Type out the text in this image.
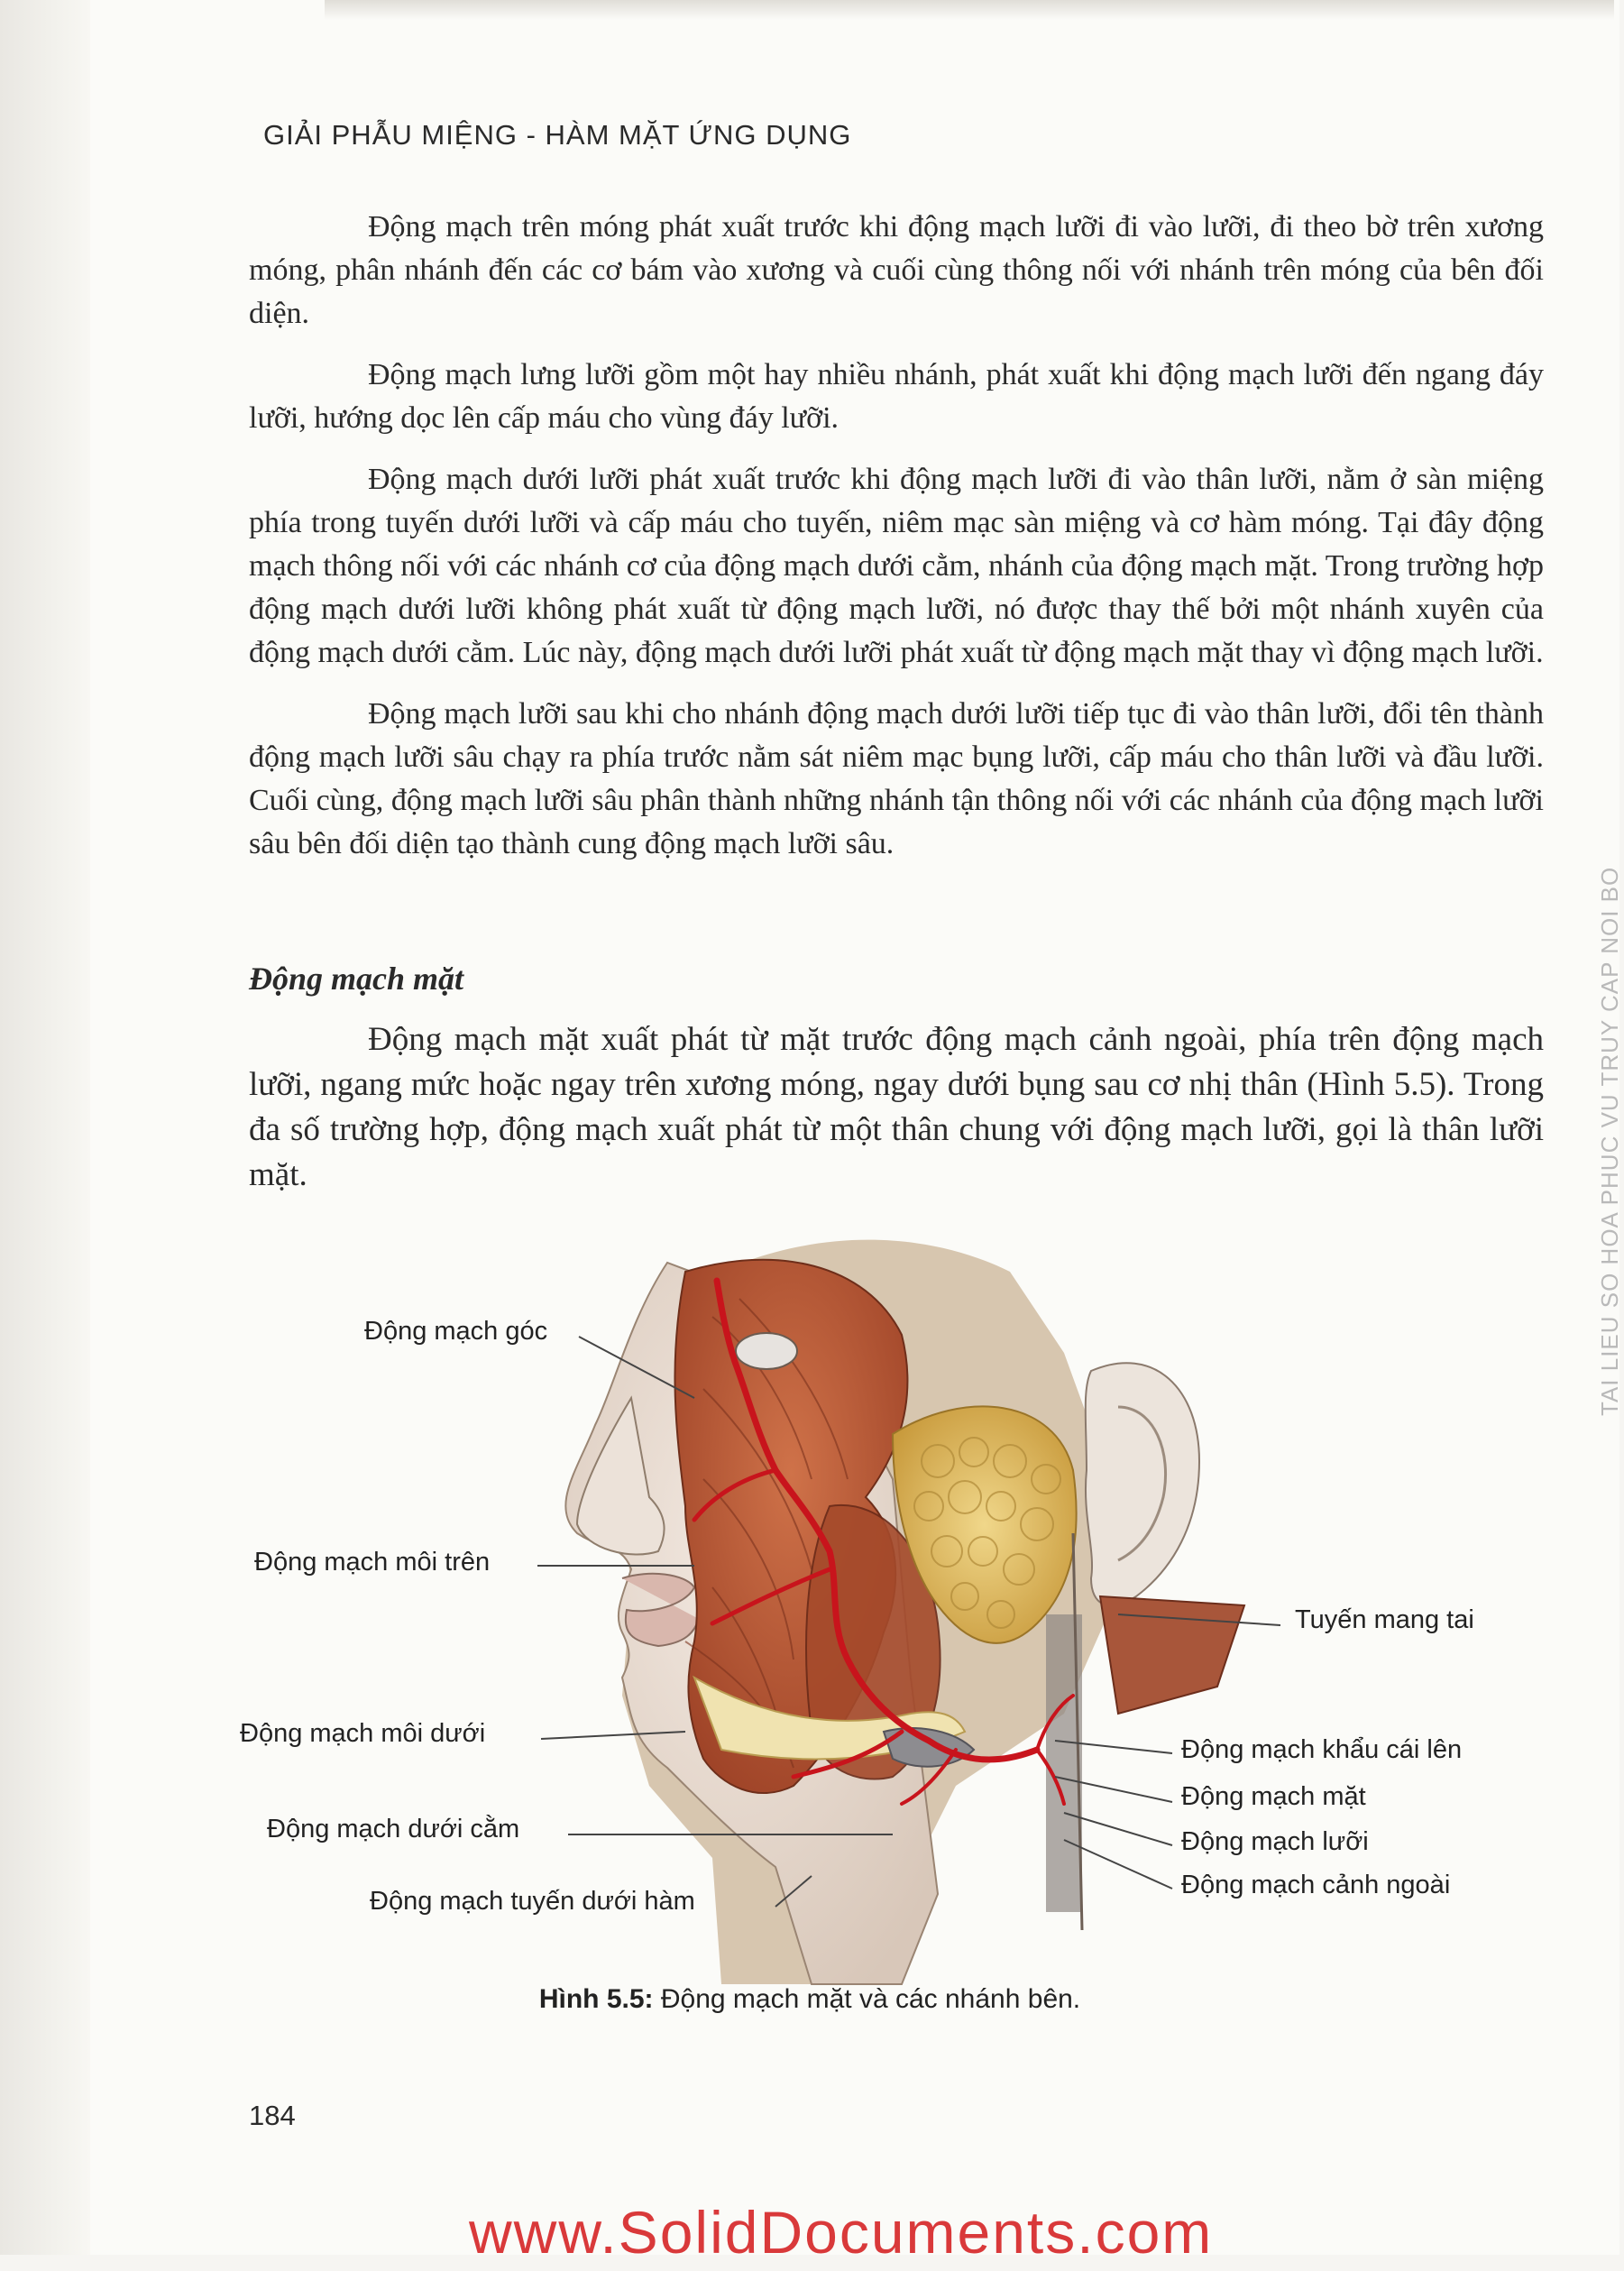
GIẢI PHẪU MIỆNG - HÀM MẶT ỨNG DỤNG

Động mạch trên móng phát xuất trước khi động mạch lưỡi đi vào lưỡi, đi theo bờ trên xương móng, phân nhánh đến các cơ bám vào xương và cuối cùng thông nối với nhánh trên móng của bên đối diện.

Động mạch lưng lưỡi gồm một hay nhiều nhánh, phát xuất khi động mạch lưỡi đến ngang đáy lưỡi, hướng dọc lên cấp máu cho vùng đáy lưỡi.

Động mạch dưới lưỡi phát xuất trước khi động mạch lưỡi đi vào thân lưỡi, nằm ở sàn miệng phía trong tuyến dưới lưỡi và cấp máu cho tuyến, niêm mạc sàn miệng và cơ hàm móng. Tại đây động mạch thông nối với các nhánh cơ của động mạch dưới cằm, nhánh của động mạch mặt. Trong trường hợp động mạch dưới lưỡi không phát xuất từ động mạch lưỡi, nó được thay thế bởi một nhánh xuyên của động mạch dưới cằm. Lúc này, động mạch dưới lưỡi phát xuất từ động mạch mặt thay vì động mạch lưỡi.

Động mạch lưỡi sau khi cho nhánh động mạch dưới lưỡi tiếp tục đi vào thân lưỡi, đổi tên thành động mạch lưỡi sâu chạy ra phía trước nằm sát niêm mạc bụng lưỡi, cấp máu cho thân lưỡi và đầu lưỡi. Cuối cùng, động mạch lưỡi sâu phân thành những nhánh tận thông nối với các nhánh của động mạch lưỡi sâu bên đối diện tạo thành cung động mạch lưỡi sâu.

Động mạch mặt

Động mạch mặt xuất phát từ mặt trước động mạch cảnh ngoài, phía trên động mạch lưỡi, ngang mức hoặc ngay trên xương móng, ngay dưới bụng sau cơ nhị thân (Hình 5.5). Trong đa số trường hợp, động mạch xuất phát từ một thân chung với động mạch lưỡi, gọi là thân lưỡi mặt.

Động mạch góc
Động mạch môi trên
Động mạch môi dưới
Động mạch dưới cằm
Động mạch tuyến dưới hàm
Tuyến mang tai
Động mạch khẩu cái lên
Động mạch mặt
Động mạch lưỡi
Động mạch cảnh ngoài
Hình 5.5: Động mạch mặt và các nhánh bên.
184
www.SolidDocuments.com
TAI LIEU SO HOA PHUC VU TRUY CAP NOI BO
